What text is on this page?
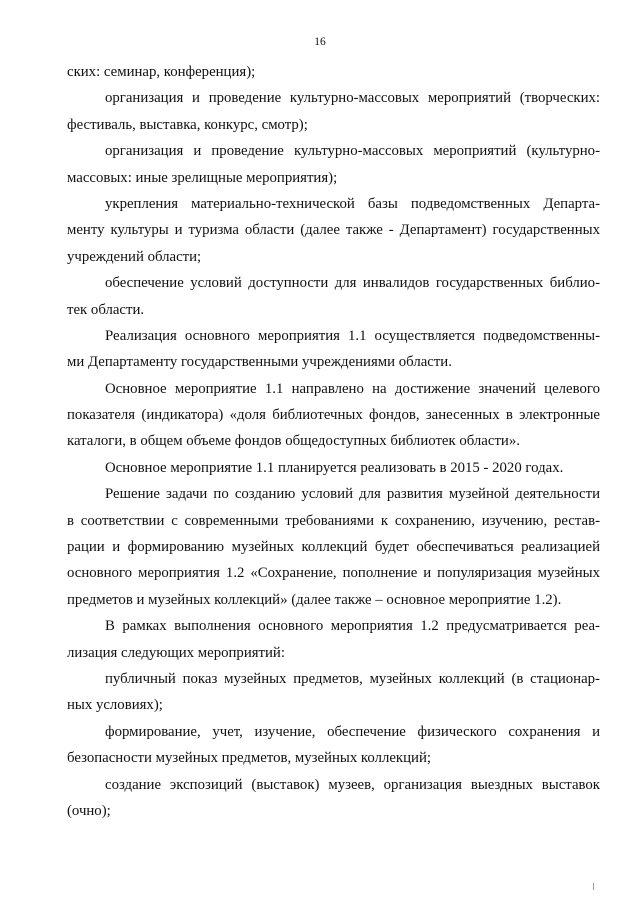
16
ских: семинар, конференция);
организация и проведение культурно-массовых мероприятий (творческих:
фестиваль, выставка, конкурс, смотр);
организация и проведение культурно-массовых мероприятий (культурно-
массовых: иные зрелищные мероприятия);
укрепления материально-технической базы подведомственных Департа-
менту культуры и туризма области (далее также - Департамент) государственных
учреждений области;
обеспечение условий доступности для инвалидов государственных библио-
тек области.
Реализация основного мероприятия 1.1 осуществляется подведомственны-
ми Департаменту государственными учреждениями области.
Основное мероприятие 1.1 направлено на достижение значений целевого
показателя (индикатора) «доля библиотечных фондов, занесенных в электронные
каталоги, в общем объеме фондов общедоступных библиотек области».
Основное мероприятие 1.1 планируется реализовать в 2015 - 2020 годах.
Решение задачи по созданию условий для развития музейной деятельности
в соответствии с современными требованиями к сохранению, изучению, рестав-
рации и формированию музейных коллекций будет обеспечиваться реализацией
основного мероприятия 1.2 «Сохранение, пополнение и популяризация музейных
предметов и музейных коллекций» (далее также – основное мероприятие 1.2).
В рамках выполнения основного мероприятия 1.2 предусматривается реа-
лизация следующих мероприятий:
публичный показ музейных предметов, музейных коллекций (в стационар-
ных условиях);
формирование, учет, изучение, обеспечение физического сохранения и
безопасности музейных предметов, музейных коллекций;
создание экспозиций (выставок) музеев, организация выездных выставок
(очно);
